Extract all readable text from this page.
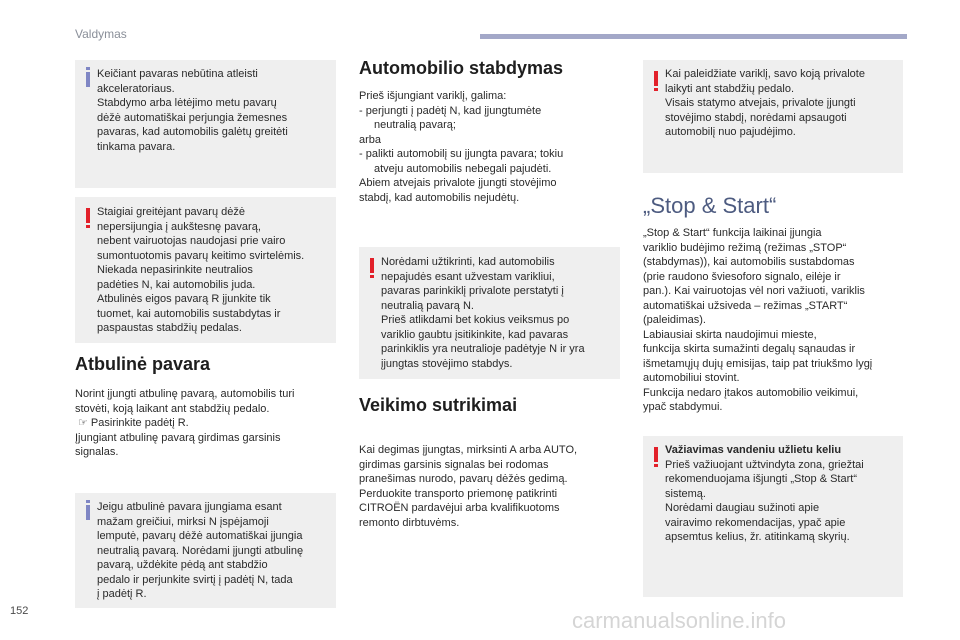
Valdymas

Keičiant pavaras nebūtina atleisti

akceleratoriaus.

Stabdymo arba lėtėjimo metu pavarų

dėžė automatiškai perjungia žemesnes

pavaras, kad automobilis galėtų greitėti

tinkama pavara.

Staigiai greitėjant pavarų dėžė

nepersijungia į aukštesnę pavarą,

nebent vairuotojas naudojasi prie vairo

sumontuotomis pavarų keitimo svirtelėmis.

Niekada nepasirinkite neutralios

padėties N, kai automobilis juda.

Atbulinės eigos pavarą R įjunkite tik

tuomet, kai automobilis sustabdytas ir

paspaustas stabdžių pedalas.

Atbulinė pavara

Norint įjungti atbulinę pavarą, automobilis turi

stovėti, koją laikant ant stabdžių pedalo.

☞ Pasirinkite padėtį R.

Įjungiant atbulinę pavarą girdimas garsinis

signalas.

Jeigu atbulinė pavara įjungiama esant

mažam greičiui, mirksi N įspėjamoji

lemputė, pavarų dėžė automatiškai įjungia

neutralią pavarą. Norėdami įjungti atbulinę

pavarą, uždėkite pėdą ant stabdžio

pedalo ir perjunkite svirtį į padėtį N, tada

į padėtį R.

Automobilio stabdymas

Prieš išjungiant variklį, galima:

- perjungti į padėtį N, kad įjungtumėte

neutralią pavarą;

arba

- palikti automobilį su įjungta pavara; tokiu

atveju automobilis nebegali pajudėti.

Abiem atvejais privalote įjungti stovėjimo

stabdį, kad automobilis nejudėtų.

Norėdami užtikrinti, kad automobilis

nepajudės esant užvestam varikliui,

pavaras parinkiklį privalote perstatyti į

neutralią pavarą N.

Prieš atlikdami bet kokius veiksmus po

variklio gaubtu įsitikinkite, kad pavaras

parinkiklis yra neutralioje padėtyje N ir yra

įjungtas stovėjimo stabdys.

Veikimo sutrikimai

Kai degimas įjungtas, mirksinti A arba AUTO,

girdimas garsinis signalas bei rodomas

pranešimas nurodo, pavarų dėžės gedimą.

Perduokite transporto priemonę patikrinti

CITROËN pardavėjui arba kvalifikuotoms

remonto dirbtuvėms.

Kai paleidžiate variklį, savo koją privalote

laikyti ant stabdžių pedalo.

Visais statymo atvejais, privalote įjungti

stovėjimo stabdį, norėdami apsaugoti

automobilį nuo pajudėjimo.

„Stop & Start“

„Stop & Start“ funkcija laikinai įjungia

variklio budėjimo režimą (režimas „STOP“

(stabdymas)), kai automobilis sustabdomas

(prie raudono šviesoforo signalo, eilėje ir

pan.). Kai vairuotojas vėl nori važiuoti, variklis

automatiškai užsiveda – režimas „START“

(paleidimas).

Labiausiai skirta naudojimui mieste,

funkcija skirta sumažinti degalų sąnaudas ir

išmetamųjų dujų emisijas, taip pat triukšmo lygį

automobiliui stovint.

Funkcija nedaro įtakos automobilio veikimui,

ypač stabdymui.

Važiavimas vandeniu užlietu keliu

Prieš važiuojant užtvindyta zona, griežtai

rekomenduojama išjungti „Stop & Start“

sistemą.

Norėdami daugiau sužinoti apie

vairavimo rekomendacijas, ypač apie

apsemtus kelius, žr. atitinkamą skyrių.

152	carmanualsonline.info
